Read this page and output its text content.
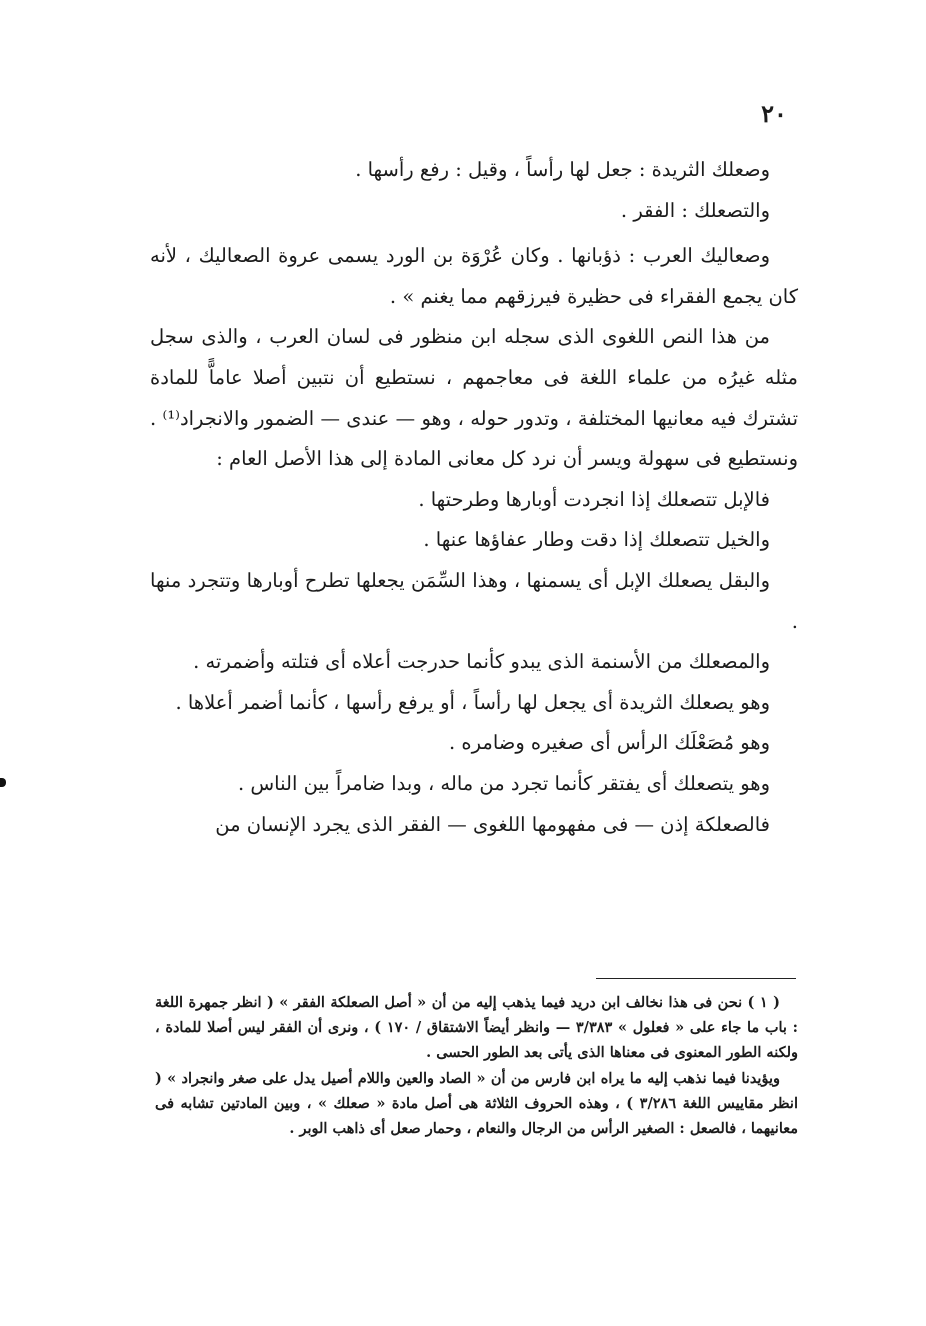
٢٠

وصعلك الثريدة : جعل لها رأساً ، وقيل : رفع رأسها .

والتصعلك : الفقر .

وصعاليك العرب : ذؤبانها . وكان عُرْوَة بن الورد يسمى عروة الصعاليك ، لأنه كان يجمع الفقراء فى حظيرة فيرزقهم مما يغنم » .

من هذا النص اللغوى الذى سجله ابن منظور فى لسان العرب ، والذى سجل مثله غيرُه من علماء اللغة فى معاجمهم ، نستطيع أن نتبين أصلا عاماًّ للمادة تشترك فيه معانيها المختلفة ، وتدور حوله ، وهو — عندى — الضمور والانجراد⁽¹⁾ . ونستطيع فى سهولة ويسر أن نرد كل معانى المادة إلى هذا الأصل العام :

فالإبل تتصعلك إذا انجردت أوبارها وطرحتها .

والخيل تتصعلك إذا دقت وطار عفاؤها عنها .

والبقل يصعلك الإبل أى يسمنها ، وهذا السِّمَن يجعلها تطرح أوبارها وتتجرد منها .

والمصعلك من الأسنمة الذى يبدو كأنما حدرجت أعلاه أى فتلته وأضمرته .

وهو يصعلك الثريدة أى يجعل لها رأساً ، أو يرفع رأسها ، كأنما أضمر أعلاها .

وهو مُصَعْلَك الرأس أى صغيره وضامره .

وهو يتصعلك أى يفتقر كأنما تجرد من ماله ، وبدا ضامراً بين الناس .

فالصعلكة إذن — فى مفهومها اللغوى — الفقر الذى يجرد الإنسان من

( ١ ) نحن فى هذا نخالف ابن دريد فيما يذهب إليه من أن « أصل الصعلكة الفقر » ( انظر جمهرة اللغة : باب ما جاء على « فعلول » ٣/٣٨٣ — وانظر أيضاً الاشتقاق / ١٧٠ ) ، ونرى أن الفقر ليس أصلا للمادة ، ولكنه الطور المعنوى فى معناها الذى يأتى بعد الطور الحسى .

ويؤيدنا فيما نذهب إليه ما يراه ابن فارس من أن « الصاد والعين واللام أصيل يدل على صغر وانجراد » ( انظر مقاييس اللغة ٣/٢٨٦ ) ، وهذه الحروف الثلاثة هى أصل مادة « صعلك » ، وبين المادتين تشابه فى معانيهما ، فالصعل : الصغير الرأس من الرجال والنعام ، وحمار صعل أى ذاهب الوبر .
